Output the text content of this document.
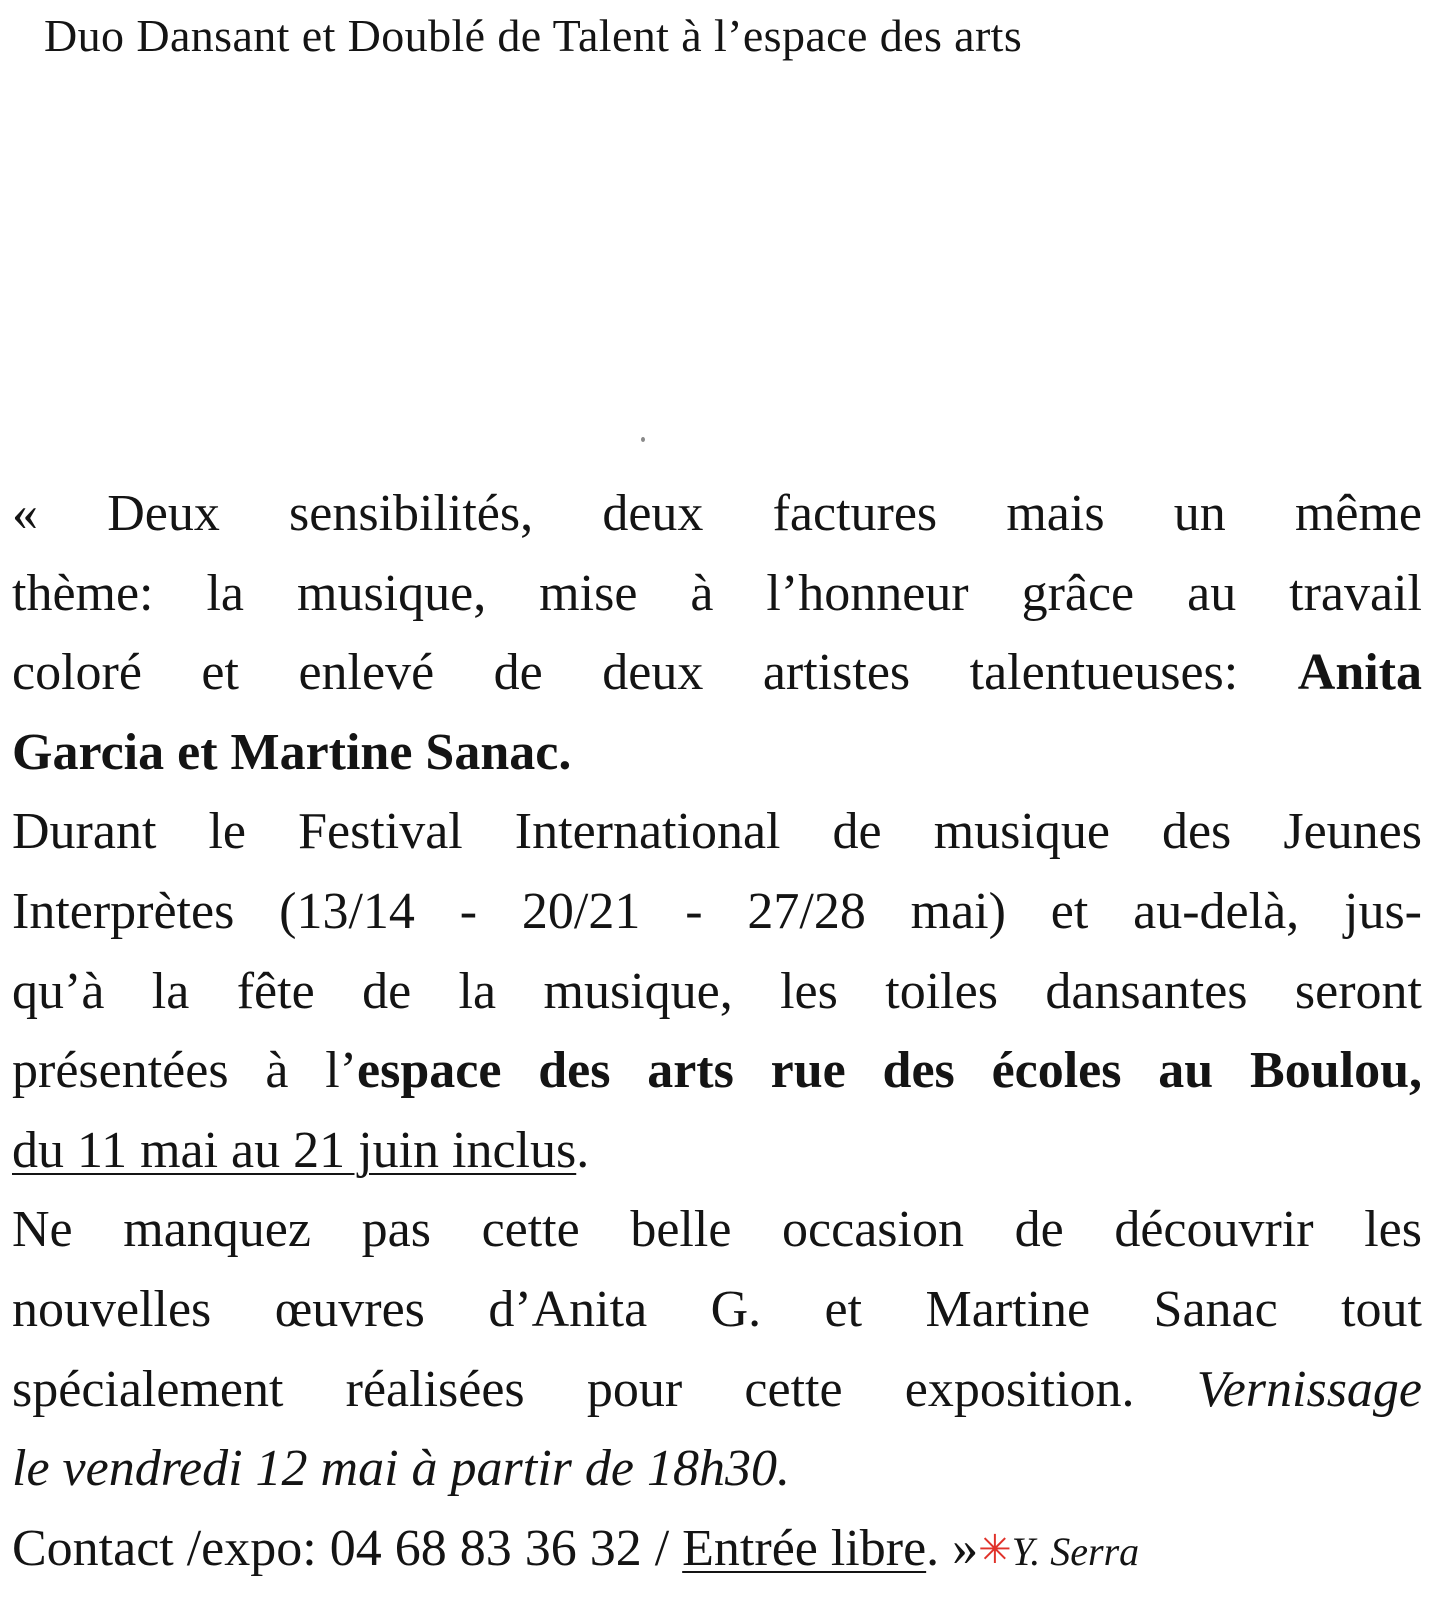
Duo Dansant et Doublé de Talent à l’espace des arts
« Deux sensibilités, deux factures mais un même
thème: la musique, mise à l’honneur grâce au travail
coloré et enlevé de deux artistes talentueuses: Anita
Garcia et Martine Sanac.
Durant le Festival International de musique des Jeunes
Interprètes (13/14 - 20/21 - 27/28 mai) et au-delà, jus-
qu’à la fête de la musique, les toiles dansantes seront
présentées à l’espace des arts rue des écoles au Boulou,
du 11 mai au 21 juin inclus.
Ne manquez pas cette belle occasion de découvrir les
nouvelles œuvres d’Anita G. et Martine Sanac tout
spécialement réalisées pour cette exposition. Vernissage
le vendredi 12 mai à partir de 18h30.
Contact /expo: 04 68 83 36 32 / Entrée libre. »✳Y. Serra
